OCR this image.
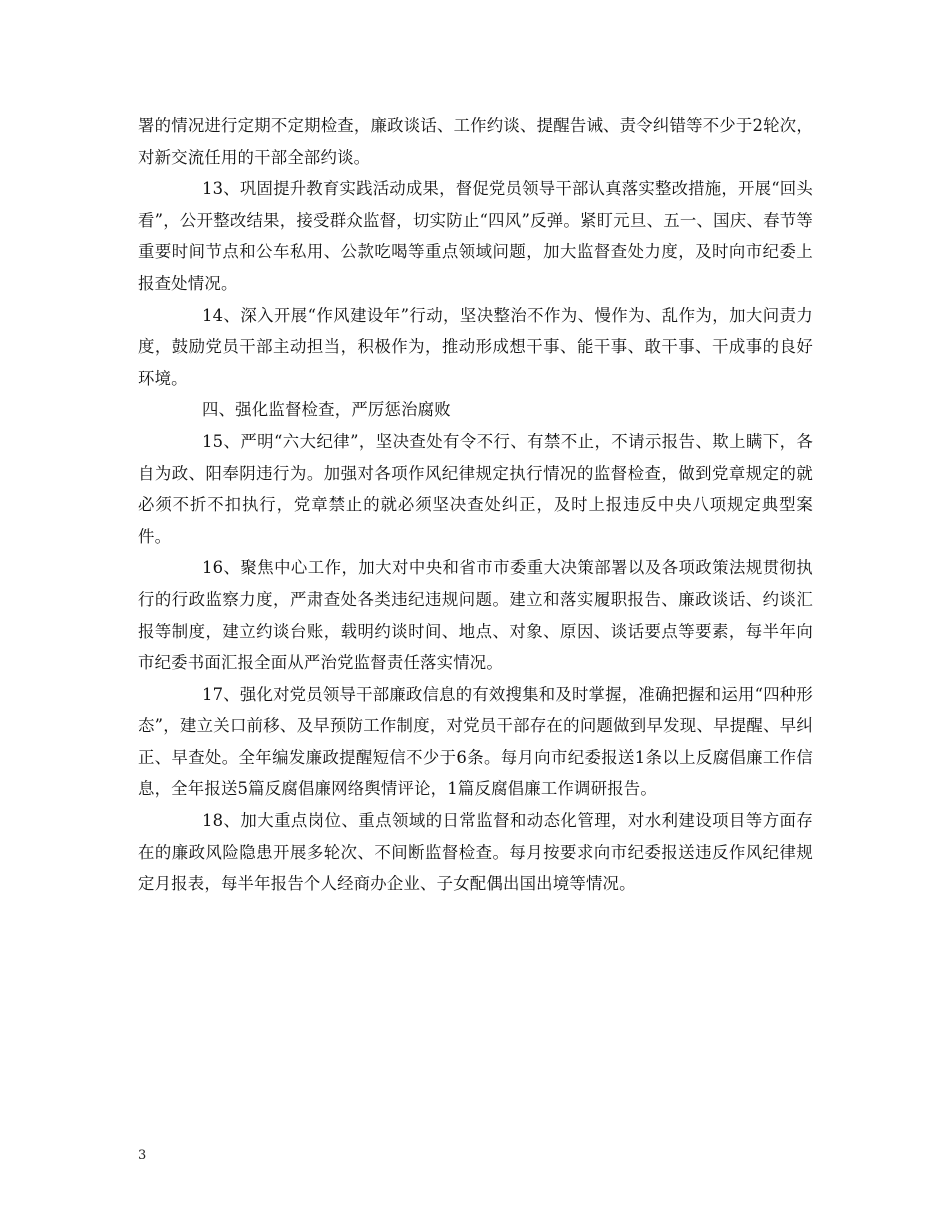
署的情况进行定期不定期检查，廉政谈话、工作约谈、提醒告诫、责令纠错等不少于2轮次，对新交流任用的干部全部约谈。

13、巩固提升教育实践活动成果，督促党员领导干部认真落实整改措施，开展“回头看”，公开整改结果，接受群众监督，切实防止“四风”反弹。紧盯元旦、五一、国庆、春节等重要时间节点和公车私用、公款吃喝等重点领域问题，加大监督查处力度，及时向市纪委上报查处情况。

14、深入开展“作风建设年”行动，坚决整治不作为、慢作为、乱作为，加大问责力度，鼓励党员干部主动担当，积极作为，推动形成想干事、能干事、敢干事、干成事的良好环境。

四、强化监督检查，严厉惩治腐败

15、严明“六大纪律”，坚决查处有令不行、有禁不止，不请示报告、欺上瞒下，各自为政、阳奉阴违行为。加强对各项作风纪律规定执行情况的监督检查，做到党章规定的就必须不折不扣执行，党章禁止的就必须坚决查处纠正，及时上报违反中央八项规定典型案件。

16、聚焦中心工作，加大对中央和省市市委重大决策部署以及各项政策法规贯彻执行的行政监察力度，严肃查处各类违纪违规问题。建立和落实履职报告、廉政谈话、约谈汇报等制度，建立约谈台账，载明约谈时间、地点、对象、原因、谈话要点等要素，每半年向市纪委书面汇报全面从严治党监督责任落实情况。

17、强化对党员领导干部廉政信息的有效搜集和及时掌握，准确把握和运用“四种形态”，建立关口前移、及早预防工作制度，对党员干部存在的问题做到早发现、早提醒、早纠正、早查处。全年编发廉政提醒短信不少于6条。每月向市纪委报送1条以上反腐倡廉工作信息，全年报送5篇反腐倡廉网络舆情评论，1篇反腐倡廉工作调研报告。

18、加大重点岗位、重点领域的日常监督和动态化管理，对水利建设项目等方面存在的廉政风险隐患开展多轮次、不间断监督检查。每月按要求向市纪委报送违反作风纪律规定月报表，每半年报告个人经商办企业、子女配偶出国出境等情况。

3
